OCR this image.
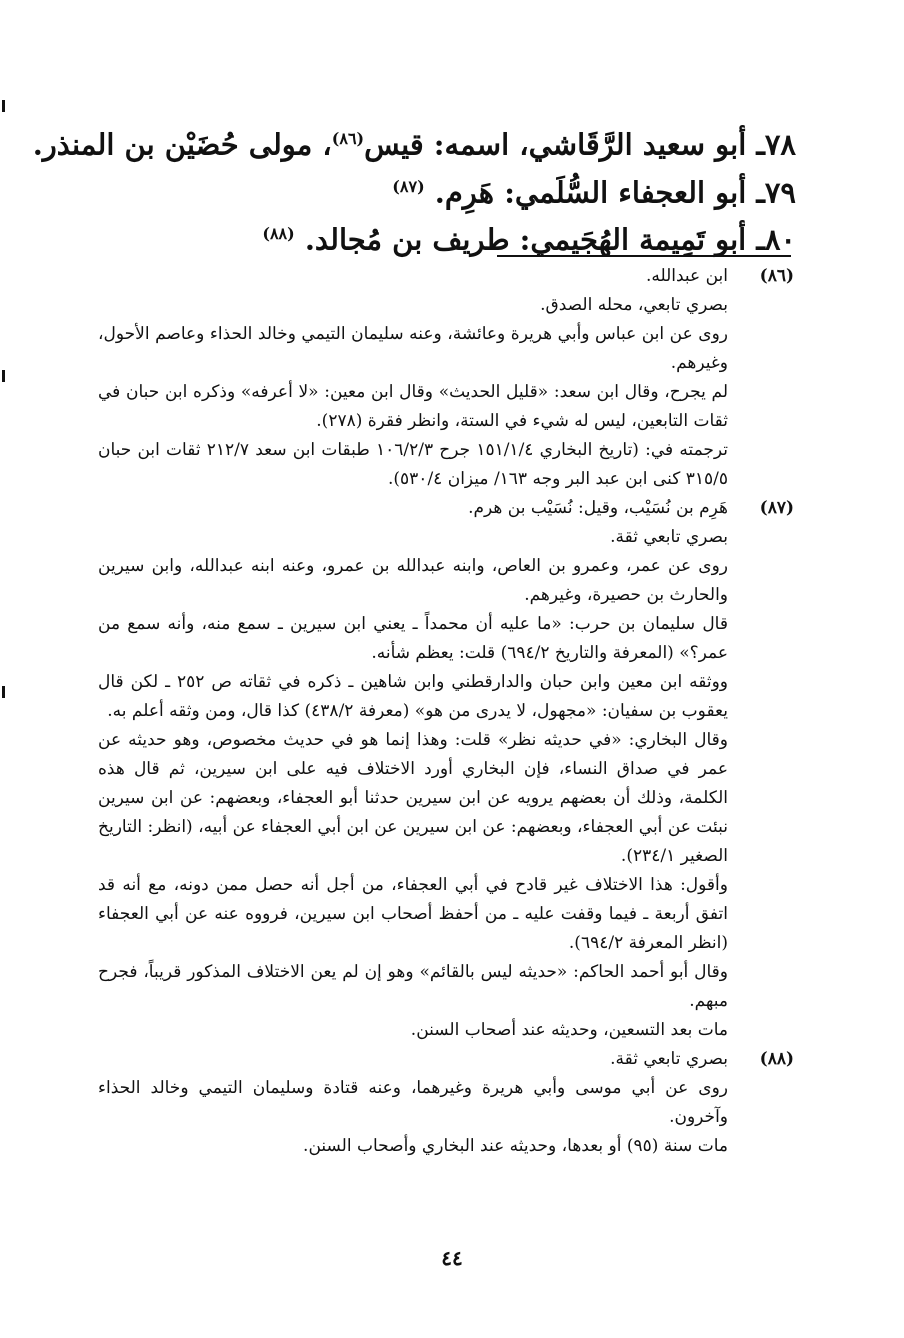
٧٨ـ أبو سعيد الرَّقَاشي، اسمه: قيس$^{(٨٦)}$، مولى حُضَيْن بن المنذر.
٧٩ـ أبو العجفاء السُّلَمي: هَرِم. $^{(٨٧)}$
٨٠ـ أبو تَمِيمة الهُجَيمي: طريف بن مُجالد. $^{(٨٨)}$
(٨٦)

ابن عبدالله.

بصري تابعي، محله الصدق.

روى عن ابن عباس وأبي هريرة وعائشة، وعنه سليمان التيمي وخالد الحذاء وعاصم الأحول، وغيرهم.

لم يجرح، وقال ابن سعد: «قليل الحديث» وقال ابن معين: «لا أعرفه» وذكره ابن حبان في ثقات التابعين، ليس له شيء في الستة، وانظر فقرة (٢٧٨).

ترجمته في: (تاريخ البخاري ١٥١/١/٤ جرح ١٠٦/٢/٣ طبقات ابن سعد ٢١٢/٧ ثقات ابن حبان ٣١٥/٥ كنى ابن عبد البر وجه ١٦٣/ ميزان ٥٣٠/٤).

(٨٧)

هَرِم بن نُسَيْب، وقيل: نُسَيْب بن هرم.

بصري تابعي ثقة.

روى عن عمر، وعمرو بن العاص، وابنه عبدالله بن عمرو، وعنه ابنه عبدالله، وابن سيرين والحارث بن حصيرة، وغيرهم.

قال سليمان بن حرب: «ما عليه أن محمداً ـ يعني ابن سيرين ـ سمع منه، وأنه سمع من عمر؟» (المعرفة والتاريخ ٦٩٤/٢) قلت: يعظم شأنه.

ووثقه ابن معين وابن حبان والدارقطني وابن شاهين ـ ذكره في ثقاته ص ٢٥٢ ـ لكن قال يعقوب بن سفيان: «مجهول، لا يدرى من هو» (معرفة ٤٣٨/٢) كذا قال، ومن وثقه أعلم به.

وقال البخاري: «في حديثه نظر» قلت: وهذا إنما هو في حديث مخصوص، وهو حديثه عن عمر في صداق النساء، فإن البخاري أورد الاختلاف فيه على ابن سيرين، ثم قال هذه الكلمة، وذلك أن بعضهم يرويه عن ابن سيرين حدثنا أبو العجفاء، وبعضهم: عن ابن سيرين نبئت عن أبي العجفاء، وبعضهم: عن ابن سيرين عن ابن أبي العجفاء عن أبيه، (انظر: التاريخ الصغير ٢٣٤/١).

وأقول: هذا الاختلاف غير قادح في أبي العجفاء، من أجل أنه حصل ممن دونه، مع أنه قد اتفق أربعة ـ فيما وقفت عليه ـ من أحفظ أصحاب ابن سيرين، فرووه عنه عن أبي العجفاء (انظر المعرفة ٦٩٤/٢).

وقال أبو أحمد الحاكم: «حديثه ليس بالقائم» وهو إن لم يعن الاختلاف المذكور قريباً، فجرح مبهم.

مات بعد التسعين، وحديثه عند أصحاب السنن.

(٨٨)

بصري تابعي ثقة.

روى عن أبي موسى وأبي هريرة وغيرهما، وعنه قتادة وسليمان التيمي وخالد الحذاء وآخرون.

مات سنة (٩٥) أو بعدها، وحديثه عند البخاري وأصحاب السنن.

٤٤
